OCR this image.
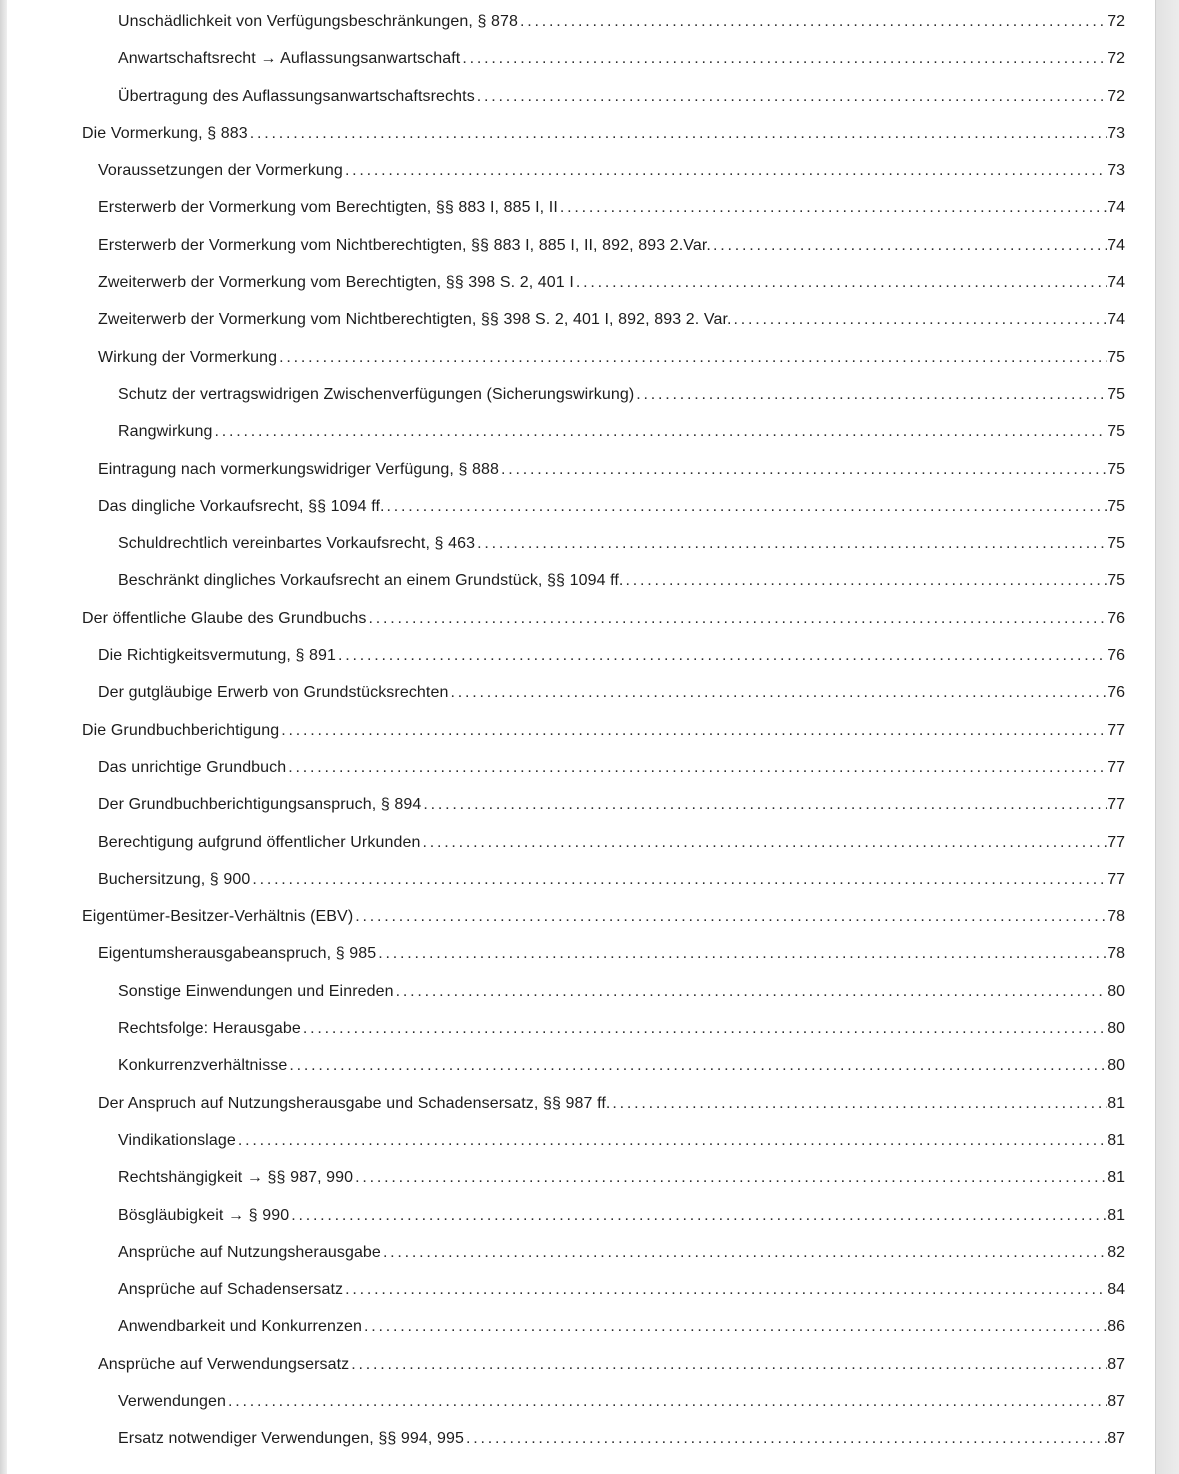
Unschädlichkeit von Verfügungsbeschränkungen, § 878 .....	72
Anwartschaftsrecht → Auflassungsanwartschaft .....	72
Übertragung des Auflassungsanwartschaftsrechts .....	72
Die Vormerkung, § 883 .....	73
Voraussetzungen der Vormerkung .....	73
Ersterwerb der Vormerkung vom Berechtigten, §§ 883 I, 885 I, II .....	74
Ersterwerb der Vormerkung vom Nichtberechtigten, §§ 883 I, 885 I, II, 892, 893 2.Var. .....	74
Zweiterwerb der Vormerkung vom Berechtigten, §§ 398 S. 2, 401 I .....	74
Zweiterwerb der Vormerkung vom Nichtberechtigten, §§ 398 S. 2, 401 I, 892, 893 2. Var. .....	74
Wirkung der Vormerkung .....	75
Schutz der vertragswidrigen Zwischenverfügungen (Sicherungswirkung) .....	75
Rangwirkung .....	75
Eintragung nach vormerkungswidriger Verfügung, § 888 .....	75
Das dingliche Vorkaufsrecht, §§ 1094 ff. .....	75
Schuldrechtlich vereinbartes Vorkaufsrecht, § 463 .....	75
Beschränkt dingliches Vorkaufsrecht an einem Grundstück, §§ 1094 ff. .....	75
Der öffentliche Glaube des Grundbuchs .....	76
Die Richtigkeitsvermutung, § 891 .....	76
Der gutgläubige Erwerb von Grundstücksrechten .....	76
Die Grundbuchberichtigung .....	77
Das unrichtige Grundbuch .....	77
Der Grundbuchberichtigungsanspruch, § 894 .....	77
Berechtigung aufgrund öffentlicher Urkunden .....	77
Buchersitzung, § 900 .....	77
Eigentümer-Besitzer-Verhältnis (EBV) .....	78
Eigentumsherausgabeanspruch, § 985 .....	78
Sonstige Einwendungen und Einreden .....	80
Rechtsfolge: Herausgabe .....	80
Konkurrenzverhältnisse .....	80
Der Anspruch auf Nutzungsherausgabe und Schadensersatz, §§ 987 ff. .....	81
Vindikationslage .....	81
Rechtshängigkeit → §§ 987, 990 .....	81
Bösgläubigkeit → § 990 .....	81
Ansprüche auf Nutzungsherausgabe .....	82
Ansprüche auf Schadensersatz .....	84
Anwendbarkeit und Konkurrenzen .....	86
Ansprüche auf Verwendungsersatz .....	87
Verwendungen .....	87
Ersatz notwendiger Verwendungen, §§ 994, 995 .....	87
